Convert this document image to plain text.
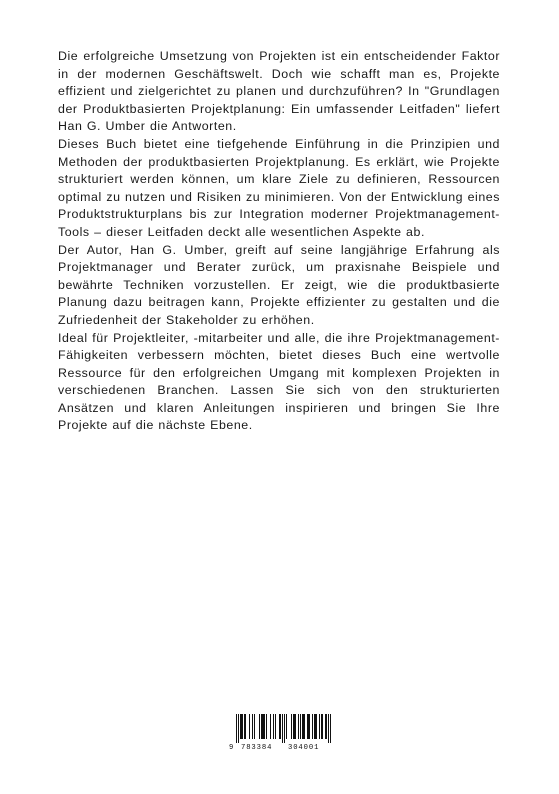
Die erfolgreiche Umsetzung von Projekten ist ein entscheidender Faktor in der modernen Geschäftswelt. Doch wie schafft man es, Projekte effizient und zielgerichtet zu planen und durchzuführen? In "Grundlagen der Produktbasierten Projektplanung: Ein umfassender Leitfaden" liefert Han G. Umber die Antworten.

Dieses Buch bietet eine tiefgehende Einführung in die Prinzipien und Methoden der produktbasierten Projektplanung. Es erklärt, wie Projekte strukturiert werden können, um klare Ziele zu definieren, Ressourcen optimal zu nutzen und Risiken zu minimieren. Von der Entwicklung eines Produktstrukturplans bis zur Integration moderner Projektmanagement-Tools – dieser Leitfaden deckt alle wesentlichen Aspekte ab.

Der Autor, Han G. Umber, greift auf seine langjährige Erfahrung als Projektmanager und Berater zurück, um praxisnahe Beispiele und bewährte Techniken vorzustellen. Er zeigt, wie die produktbasierte Planung dazu beitragen kann, Projekte effizienter zu gestalten und die Zufriedenheit der Stakeholder zu erhöhen.

Ideal für Projektleiter, -mitarbeiter und alle, die ihre Projektmanagement-Fähigkeiten verbessern möchten, bietet dieses Buch eine wertvolle Ressource für den erfolgreichen Umgang mit komplexen Projekten in verschiedenen Branchen. Lassen Sie sich von den strukturierten Ansätzen und klaren Anleitungen inspirieren und bringen Sie Ihre Projekte auf die nächste Ebene.

9 783384 304001
